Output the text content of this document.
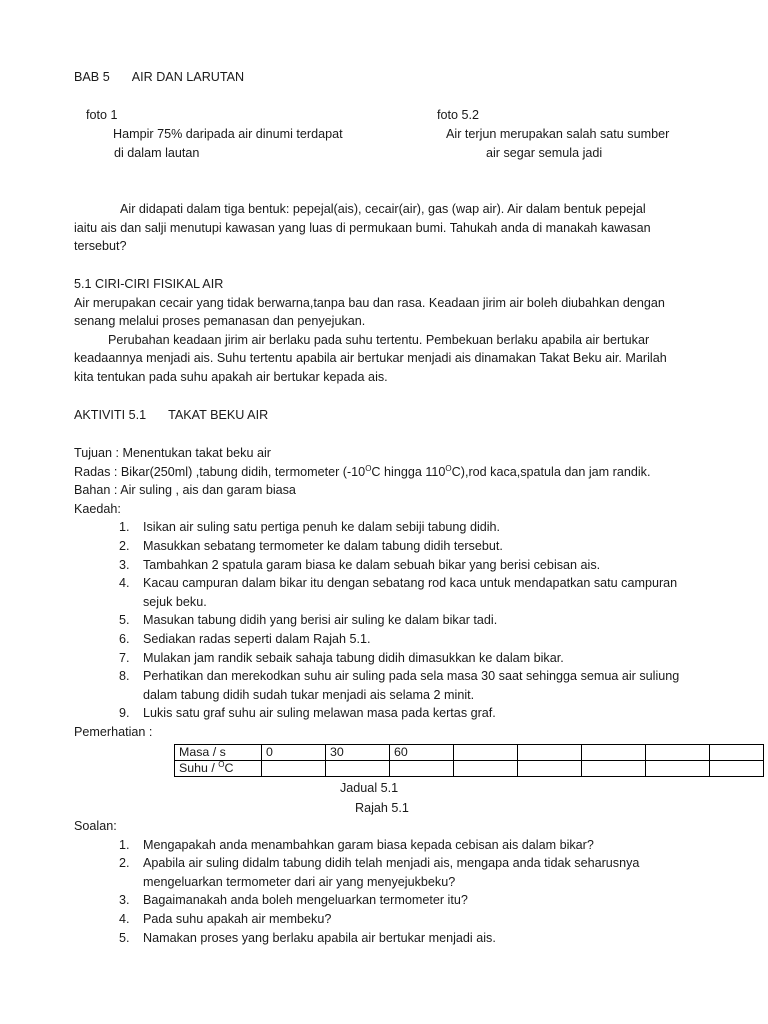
BAB 5 AIR DAN LARUTAN
foto 1
Hampir 75% daripada air dinumi terdapat
di dalam lautan
foto 5.2
Air terjun merupakan salah satu sumber
air segar semula jadi

Air didapati dalam tiga bentuk: pepejal(ais), cecair(air), gas (wap air). Air dalam bentuk pepejal

iaitu ais dan salji menutupi kawasan yang luas di permukaan bumi. Tahukah anda di manakah kawasan

tersebut?

5.1 CIRI-CIRI FISIKAL AIR

Air merupakan cecair yang tidak berwarna,tanpa bau dan rasa. Keadaan jirim air boleh diubahkan dengan

senang melalui proses pemanasan dan penyejukan.

Perubahan keadaan jirim air berlaku pada suhu tertentu. Pembekuan berlaku apabila air bertukar

keadaannya menjadi ais. Suhu tertentu apabila air bertukar menjadi ais dinamakan Takat Beku air. Marilah

kita tentukan pada suhu apakah air bertukar kepada ais.

AKTIVITI 5.1 TAKAT BEKU AIR

Tujuan : Menentukan takat beku air

Radas : Bikar(250ml) ,tabung didih, termometer ($-10^OC$ hingga $110^OC),rod$ kaca,spatula dan jam randik.

Bahan : Air suling , ais dan garam biasa

Kaedah:

1. Isikan air suling satu pertiga penuh ke dalam sebiji tabung didih.
2. Masukkan sebatang termometer ke dalam tabung didih tersebut.
3. Tambahkan 2 spatula garam biasa ke dalam sebuah bikar yang berisi cebisan ais.
4. Kacau campuran dalam bikar itu dengan sebatang rod kaca untuk mendapatkan satu campuran
sejuk beku.
5. Masukan tabung didih yang berisi air suling ke dalam bikar tadi.
6. Sediakan radas seperti dalam Rajah 5.1.
7. Mulakan jam randik sebaik sahaja tabung didih dimasukkan ke dalam bikar.
8. Perhatikan dan merekodkan suhu air suling pada sela masa 30 saat sehingga semua air suliung
dalam tabung didih sudah tukar menjadi ais selama 2 minit.
9. Lukis satu graf suhu air suling melawan masa pada kertas graf.

Pemerhatian :

Masa / s	0	30	60					
Suhu / $^O$C								
Jadual 5.1
Rajah 5.1

Soalan:

1. Mengapakah anda menambahkan garam biasa kepada cebisan ais dalam bikar?
2. Apabila air suling didalm tabung didih telah menjadi ais, mengapa anda tidak seharusnya
mengeluarkan termometer dari air yang menyejukbeku?
3. Bagaimanakah anda boleh mengeluarkan termometer itu?
4. Pada suhu apakah air membeku?
5. Namakan proses yang berlaku apabila air bertukar menjadi ais.
